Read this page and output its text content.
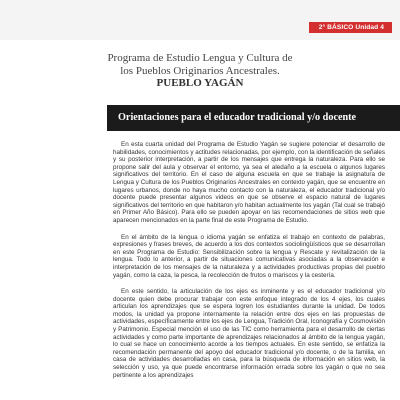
2° BÁSICO Unidad 4
Programa de Estudio Lengua y Cultura de
los Pueblos Originarios Ancestrales.
PUEBLO YAGÁN
Orientaciones para el educador tradicional y/o docente

En esta cuarta unidad del Programa de Estudio Yagán se sugiere potenciar el desarrollo de habilidades, conocimientos y actitudes relacionadas, por ejemplo, con la identificación de señales y su posterior interpretación, a partir de los mensajes que entrega la naturaleza. Para ello se propone salir del aula y observar el entorno, ya sea el aledaño a la escuela o algunos lugares significativos del territorio. En el caso de alguna escuela en que se trabaje la asignatura de Lengua y Cultura de los Pueblos Originarios Ancestrales en contexto yagán, que se encuentre en lugares urbanos, donde no haya mucho contacto con la naturaleza, el educador tradicional y/o docente puede presentar algunos videos en que se observe el espacio natural de lugares significativos del territorio en que habitaron y/o habitan actualmente los yagán (Tal cual se trabajó en Primer Año Básico). Para ello se pueden apoyar en las recomendaciones de sitios web que aparecen mencionados en la parte final de este Programa de Estudio.

En el ámbito de la lengua o idioma yagán se enfatiza el trabajo en contexto de palabras, expresiones y frases breves, de acuerdo a los dos contextos sociolingüísticos que se desarrollan en este Programa de Estudio: Sensibilización sobre la lengua y Rescate y revitalización de la lengua. Todo lo anterior, a partir de situaciones comunicativas asociadas a la observación e interpretación de los mensajes de la naturaleza y a actividades productivas propias del pueblo yagán, como la caza, la pesca, la recolección de frutos o mariscos y la cestería.

En este sentido, la articulación de los ejes es inminente y es el educador tradicional y/o docente quien debe procurar trabajar con este enfoque integrado de los 4 ejes, los cuales articulan los aprendizajes que se espera logren los estudiantes durante la unidad. De todos modos, la unidad ya propone internamente la relación entre dos ejes en las propuestas de actividades, específicamente entre los ejes de Lengua, Tradición Oral, Iconografía y Cosmovisión y Patrimonio. Especial mención el uso de las TIC como herramienta para el desarrollo de ciertas actividades y como parte importante de aprendizajes relacionados al ámbito de la lengua yagán, lo cual se hace un conocimiento acorde a los tiempos actuales. En este sentido, se enfatiza la recomendación permanente del apoyo del educador tradicional y/o docente, o de la familia, en casa de actividades desarrolladas en casa, para la búsqueda de información en sitios web, la selección y uso, ya que puede encontrarse información errada sobre los yagán o que no sea pertinente a los aprendizajes
